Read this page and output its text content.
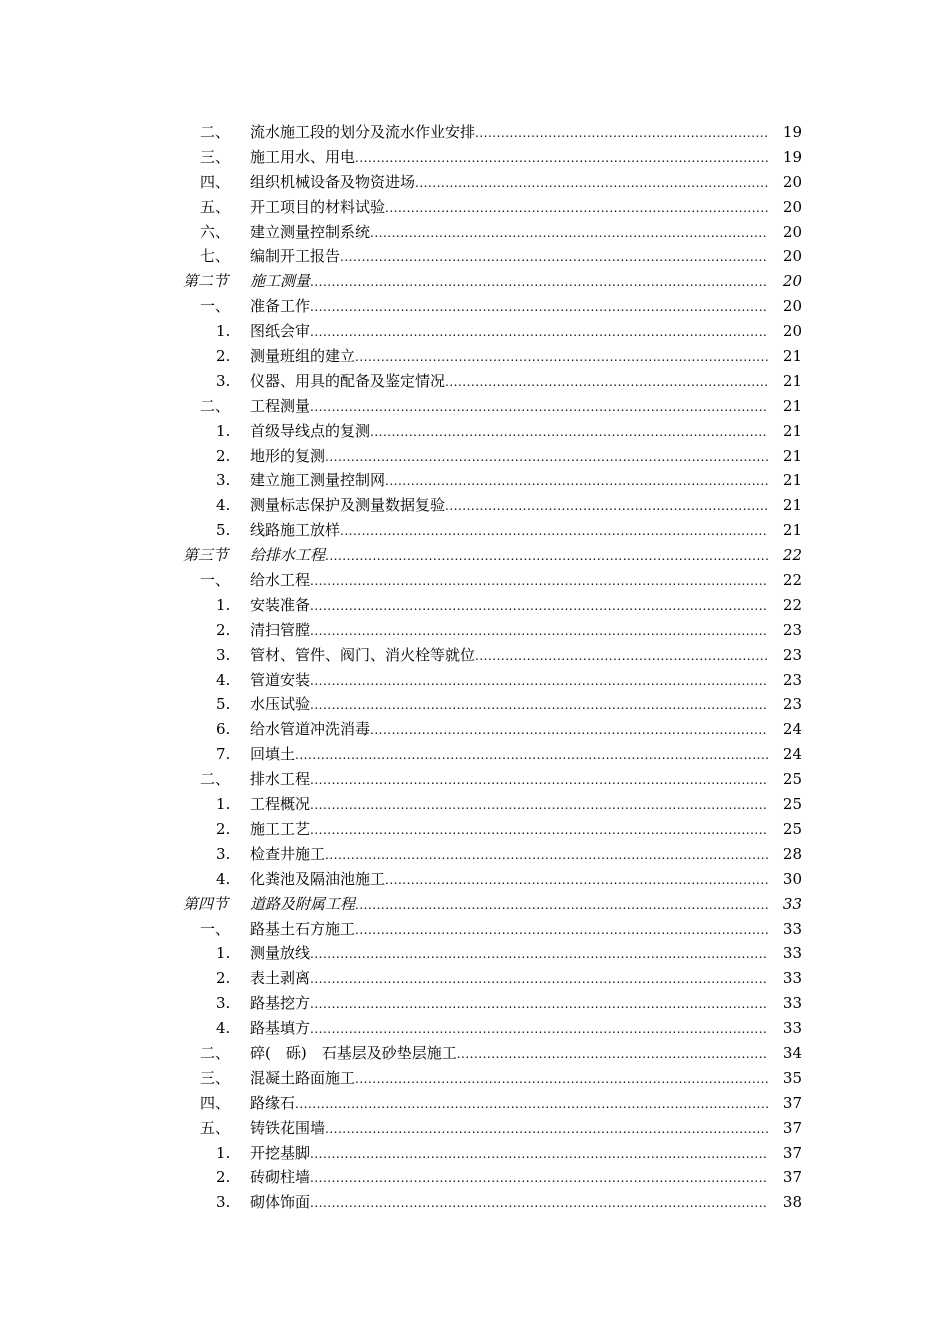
二、 流水施工段的划分及流水作业安排 .....	19
三、 施工用水、用电 .....	19
四、 组织机械设备及物资进场 .....	20
五、 开工项目的材料试验 .....	20
六、 建立测量控制系统 .....	20
七、 编制开工报告 .....	20
第二节 施工测量 .....	20
一、 准备工作 .....	20
1. 图纸会审 .....	20
2. 测量班组的建立 .....	21
3. 仪器、用具的配备及鉴定情况 .....	21
二、 工程测量 .....	21
1. 首级导线点的复测 .....	21
2. 地形的复测 .....	21
3. 建立施工测量控制网 .....	21
4. 测量标志保护及测量数据复验 .....	21
5. 线路施工放样 .....	21
第三节 给排水工程 .....	22
一、 给水工程 .....	22
1. 安装准备 .....	22
2. 清扫管膛 .....	23
3. 管材、管件、阀门、消火栓等就位 .....	23
4. 管道安装 .....	23
5. 水压试验 .....	23
6. 给水管道冲洗消毒 .....	24
7. 回填土 .....	24
二、 排水工程 .....	25
1. 工程概况 .....	25
2. 施工工艺 .....	25
3. 检查井施工 .....	28
4. 化粪池及隔油池施工 .....	30
第四节 道路及附属工程 .....	33
一、 路基土石方施工 .....	33
1. 测量放线 .....	33
2. 表土剥离 .....	33
3. 路基挖方 .....	33
4. 路基填方 .....	33
二、 碎(　砾)　石基层及砂垫层施工 .....	34
三、 混凝土路面施工 .....	35
四、 路缘石 .....	37
五、 铸铁花围墙 .....	37
1. 开挖基脚 .....	37
2. 砖砌柱墙 .....	37
3. 砌体饰面 .....	38
